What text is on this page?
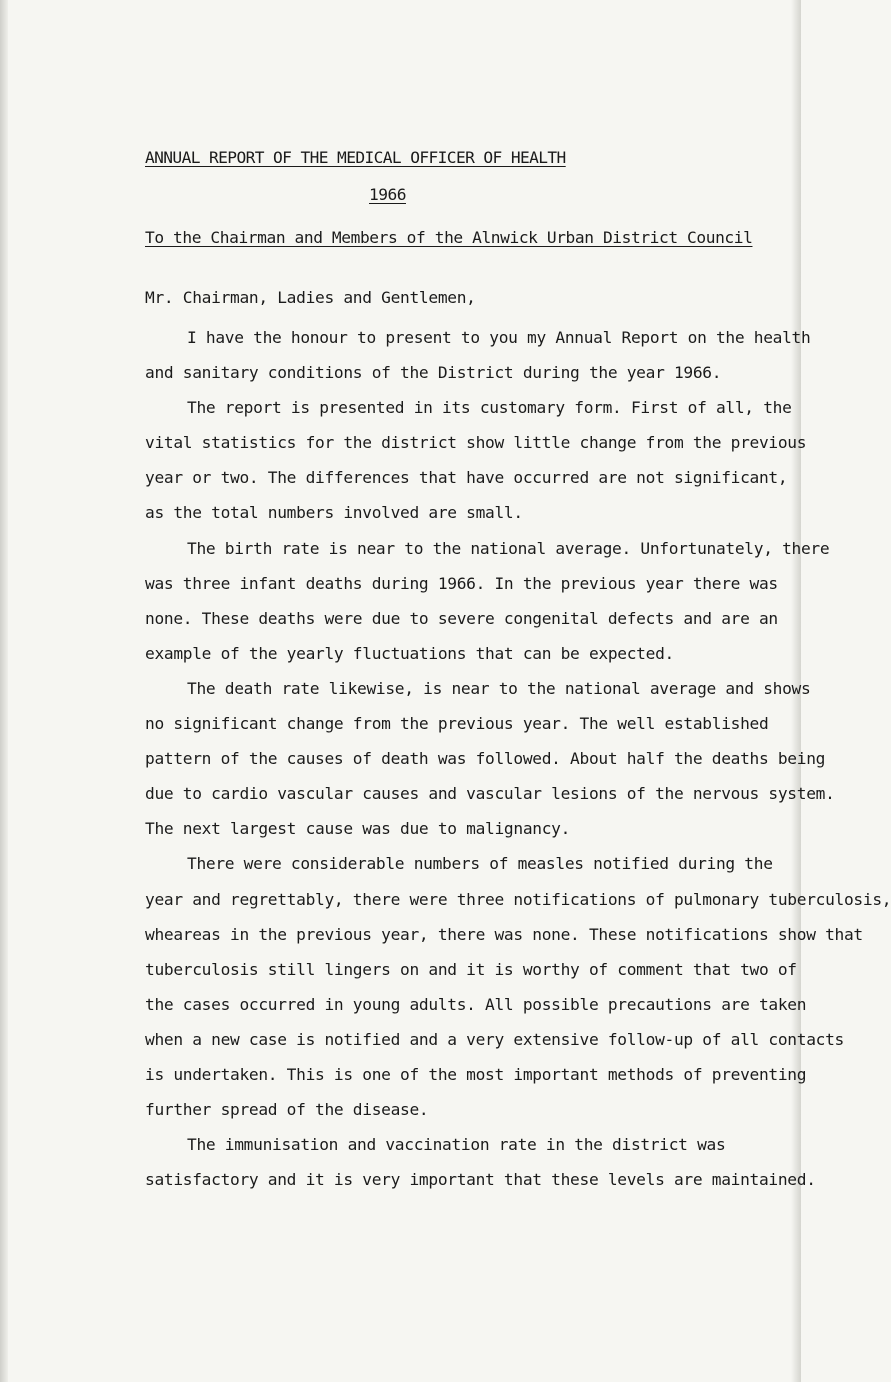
ANNUAL REPORT OF THE MEDICAL OFFICER OF HEALTH
1966
To the Chairman and Members of the Alnwick Urban District Council
Mr. Chairman, Ladies and Gentlemen,
I have the honour to present to you my Annual Report on the health
and sanitary conditions of the District during the year 1966.
The report is presented in its customary form. First of all, the
vital statistics for the district show little change from the previous
year or two. The differences that have occurred are not significant,
as the total numbers involved are small.
The birth rate is near to the national average. Unfortunately, there
was three infant deaths during 1966. In the previous year there was
none. These deaths were due to severe congenital defects and are an
example of the yearly fluctuations that can be expected.
The death rate likewise, is near to the national average and shows
no significant change from the previous year. The well established
pattern of the causes of death was followed. About half the deaths being
due to cardio vascular causes and vascular lesions of the nervous system.
The next largest cause was due to malignancy.
There were considerable numbers of measles notified during the
year and regrettably, there were three notifications of pulmonary tuberculosis,
wheareas in the previous year, there was none. These notifications show that
tuberculosis still lingers on and it is worthy of comment that two of
the cases occurred in young adults. All possible precautions are taken
when a new case is notified and a very extensive follow-up of all contacts
is undertaken. This is one of the most important methods of preventing
further spread of the disease.
The immunisation and vaccination rate in the district was
satisfactory and it is very important that these levels are maintained.
